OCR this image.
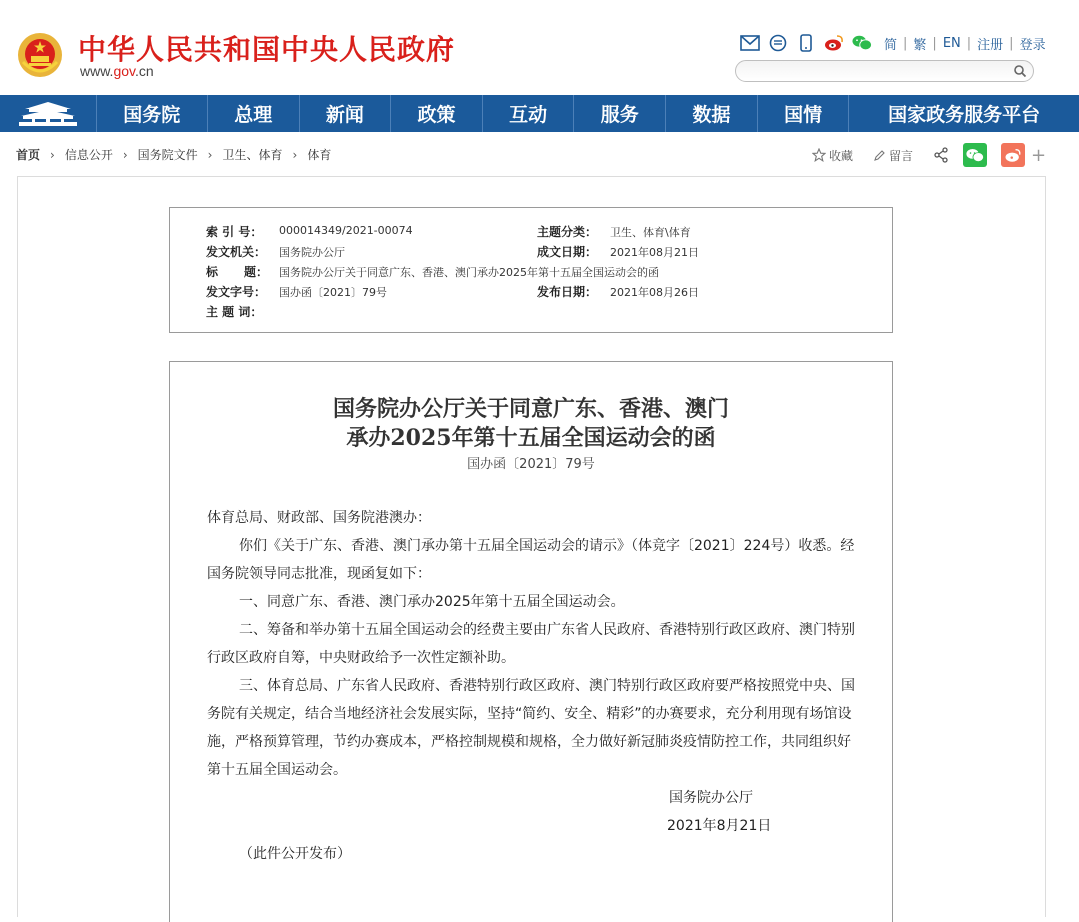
中华人民共和国中央人民政府
www.gov.cn
简 | 繁 | EN | 注册 | 登录
国务院	总理	新闻	政策	互动	服务	数据	国情	国家政务服务平台
首页 › 信息公开 › 国务院文件 › 卫生、体育 › 体育	收藏	留言	+
索 引 号： 000014349/2021-00074	主题分类： 卫生、体育\体育
发文机关： 国务院办公厅	成文日期： 2021年08月21日
标 题： 国务院办公厅关于同意广东、香港、澳门承办2025年第十五届全国运动会的函
发文字号： 国办函〔2021〕79号	发布日期： 2021年08月26日
主 题 词：
国务院办公厅关于同意广东、香港、澳门
承办2025年第十五届全国运动会的函
国办函〔2021〕79号

体育总局、财政部、国务院港澳办：

你们《关于广东、香港、澳门承办第十五届全国运动会的请示》（体竞字〔2021〕224号）收悉。经国务院领导同志批准，现函复如下：

一、同意广东、香港、澳门承办2025年第十五届全国运动会。

二、筹备和举办第十五届全国运动会的经费主要由广东省人民政府、香港特别行政区政府、澳门特别行政区政府自筹，中央财政给予一次性定额补助。

三、体育总局、广东省人民政府、香港特别行政区政府、澳门特别行政区政府要严格按照党中央、国务院有关规定，结合当地经济社会发展实际，坚持“简约、安全、精彩”的办赛要求，充分利用现有场馆设施，严格预算管理，节约办赛成本，严格控制规模和规格，全力做好新冠肺炎疫情防控工作，共同组织好第十五届全国运动会。

国务院办公厅

2021年8月21日

（此件公开发布）
